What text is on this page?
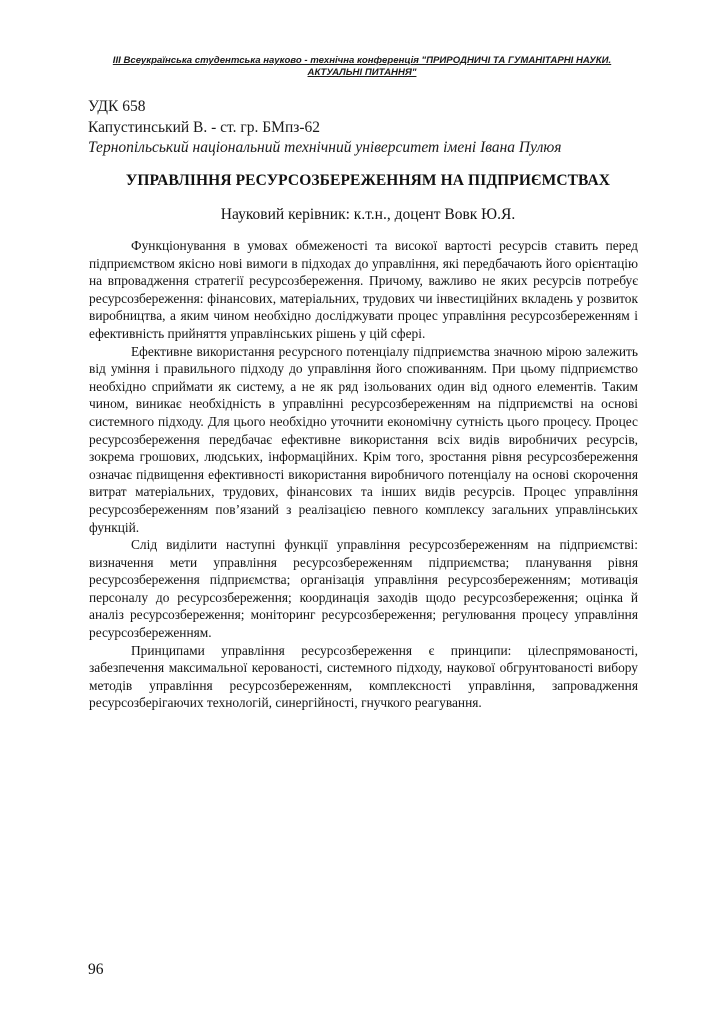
ІІІ Всеукраїнська студентська науково - технічна конференція "ПРИРОДНИЧІ ТА ГУМАНІТАРНІ НАУКИ.
АКТУАЛЬНІ ПИТАННЯ"
УДК 658
Капустинський В. - ст. гр. БМпз-62
Тернопільський національний технічний університет імені Івана Пулюя
УПРАВЛІННЯ РЕСУРСОЗБЕРЕЖЕННЯМ НА ПІДПРИЄМСТВАХ
Науковий керівник: к.т.н., доцент Вовк Ю.Я.

Функціонування в умовах обмеженості та високої вартості ресурсів ставить перед підприємством якісно нові вимоги в підходах до управління, які передбачають його орієнтацію на впровадження стратегії ресурсозбереження. Причому, важливо не яких ресурсів потребує ресурсозбереження: фінансових, матеріальних, трудових чи інвестиційних вкладень у розвиток виробництва, а яким чином необхідно досліджувати процес управління ресурсозбереженням і ефективність прийняття управлінських рішень у цій сфері.

Ефективне використання ресурсного потенціалу підприємства значною мірою залежить від уміння і правильного підходу до управління його споживанням. При цьому підприємство необхідно сприймати як систему, а не як ряд ізольованих один від одного елементів. Таким чином, виникає необхідність в управлінні ресурсозбереженням на підприємстві на основі системного підходу. Для цього необхідно уточнити економічну сутність цього процесу. Процес ресурсозбереження передбачає ефективне використання всіх видів виробничих ресурсів, зокрема грошових, людських, інформаційних. Крім того, зростання рівня ресурсозбереження означає підвищення ефективності використання виробничого потенціалу на основі скорочення витрат матеріальних, трудових, фінансових та інших видів ресурсів. Процес управління ресурсозбереженням пов’язаний з реалізацією певного комплексу загальних управлінських функцій.

Слід виділити наступні функції управління ресурсозбереженням на підприємстві: визначення мети управління ресурсозбереженням підприємства; планування рівня ресурсозбереження підприємства; організація управління ресурсозбереженням; мотивація персоналу до ресурсозбереження; координація заходів щодо ресурсозбереження; оцінка й аналіз ресурсозбереження; моніторинг ресурсозбереження; регулювання процесу управління ресурсозбереженням.

Принципами управління ресурсозбереження є принципи: цілеспрямованості, забезпечення максимальної керованості, системного підходу, наукової обгрунтованості вибору методів управління ресурсозбереженням, комплексності управління, запровадження ресурсозберігаючих технологій, синергійності, гнучкого реагування.

96
